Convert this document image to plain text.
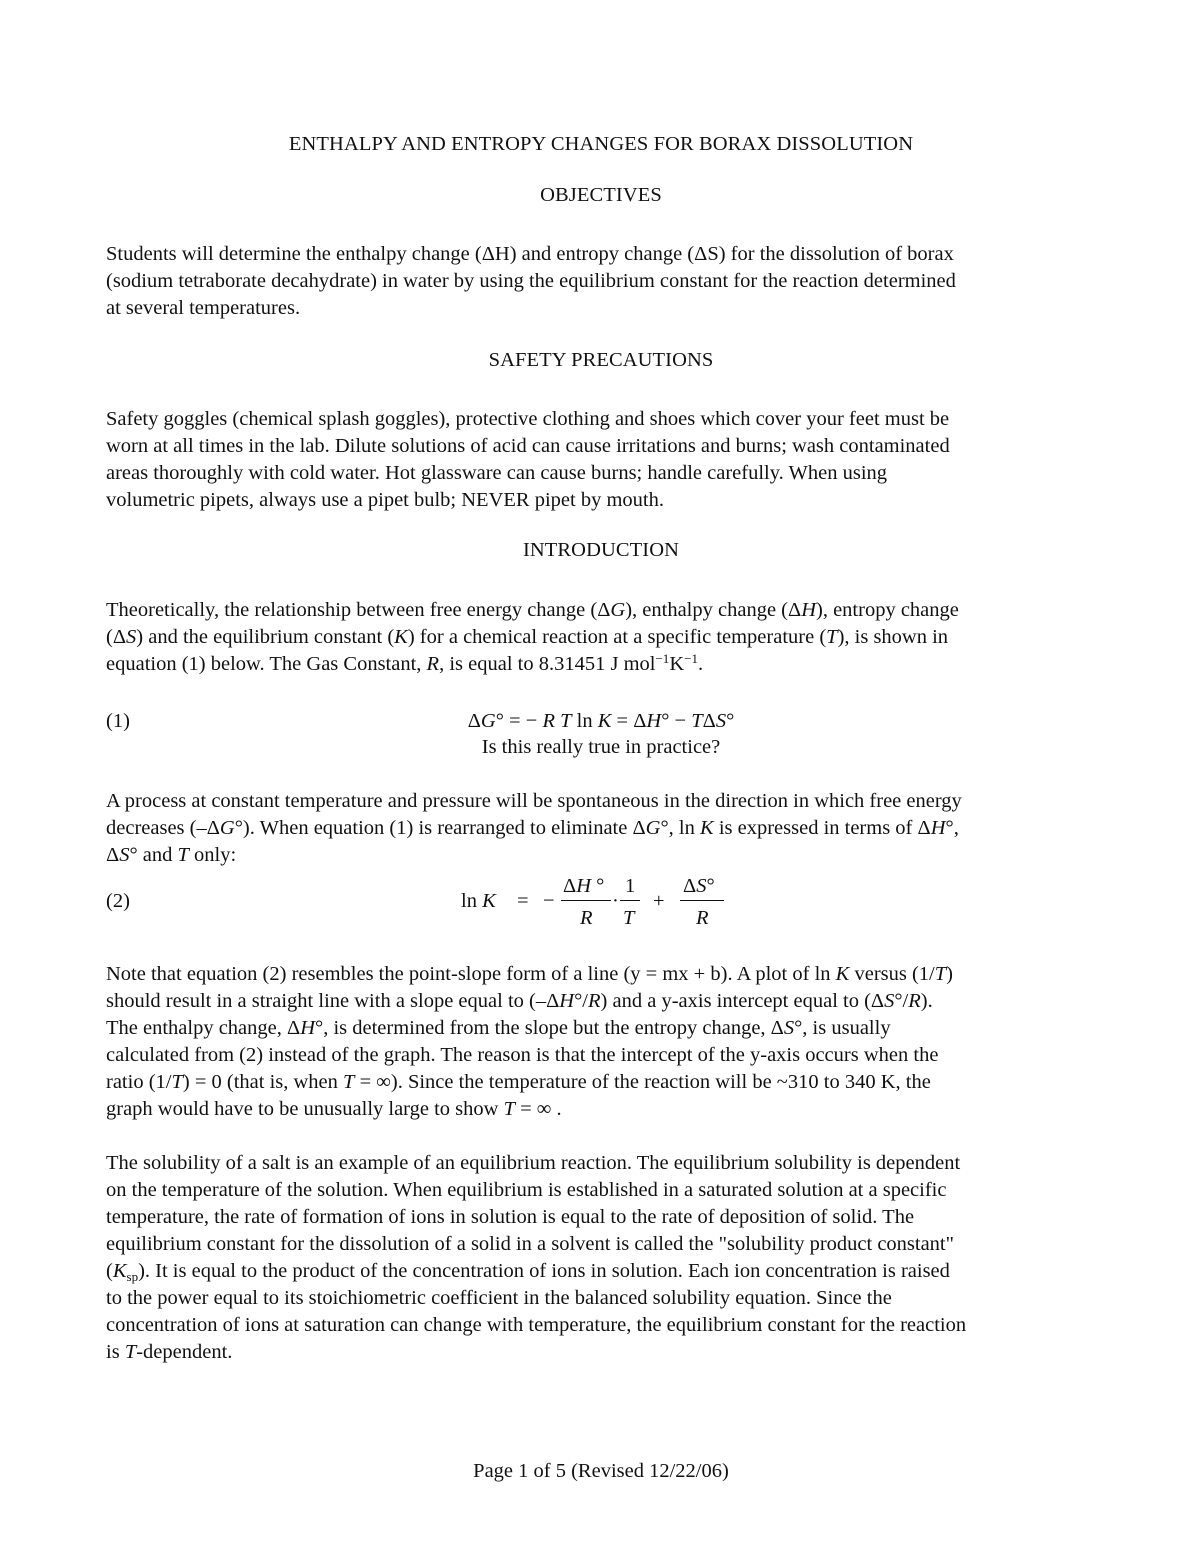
ENTHALPY AND ENTROPY CHANGES FOR BORAX DISSOLUTION
OBJECTIVES
Students will determine the enthalpy change (ΔH) and entropy change (ΔS) for the dissolution of borax
(sodium tetraborate decahydrate) in water by using the equilibrium constant for the reaction determined
at several temperatures.
SAFETY PRECAUTIONS
Safety goggles (chemical splash goggles), protective clothing and shoes which cover your feet must be
worn at all times in the lab. Dilute solutions of acid can cause irritations and burns; wash contaminated
areas thoroughly with cold water. Hot glassware can cause burns; handle carefully. When using
volumetric pipets, always use a pipet bulb; NEVER pipet by mouth.
INTRODUCTION
Theoretically, the relationship between free energy change (ΔG), enthalpy change (ΔH), entropy change
(ΔS) and the equilibrium constant (K) for a chemical reaction at a specific temperature (T), is shown in
equation (1) below. The Gas Constant, R, is equal to 8.31451 J $mol^{-1}K^{-1}$.
(1)	ΔG° = − R T ln K = ΔH° − TΔS°
Is this really true in practice?
A process at constant temperature and pressure will be spontaneous in the direction in which free energy
decreases (–ΔG°). When equation (1) is rearranged to eliminate ΔG°, ln K is expressed in terms of ΔH°,
ΔS° and T only:
(2)	ln K = −
ΔH °
R
·
1
T
+
ΔS°
R
Note that equation (2) resembles the point-slope form of a line (y = mx + b). A plot of ln K versus (1/T)
should result in a straight line with a slope equal to (–ΔH°/R) and a y-axis intercept equal to (ΔS°/R).
The enthalpy change, ΔH°, is determined from the slope but the entropy change, ΔS°, is usually
calculated from (2) instead of the graph. The reason is that the intercept of the y-axis occurs when the
ratio (1/T) = 0 (that is, when T = ∞). Since the temperature of the reaction will be ~310 to 340 K, the
graph would have to be unusually large to show T = ∞ .
The solubility of a salt is an example of an equilibrium reaction. The equilibrium solubility is dependent
on the temperature of the solution. When equilibrium is established in a saturated solution at a specific
temperature, the rate of formation of ions in solution is equal to the rate of deposition of solid. The
equilibrium constant for the dissolution of a solid in a solvent is called the "solubility product constant"
$(K_{sp})$. It is equal to the product of the concentration of ions in solution. Each ion concentration is raised
to the power equal to its stoichiometric coefficient in the balanced solubility equation. Since the
concentration of ions at saturation can change with temperature, the equilibrium constant for the reaction
is T-dependent.
Page 1 of 5 (Revised 12/22/06)
